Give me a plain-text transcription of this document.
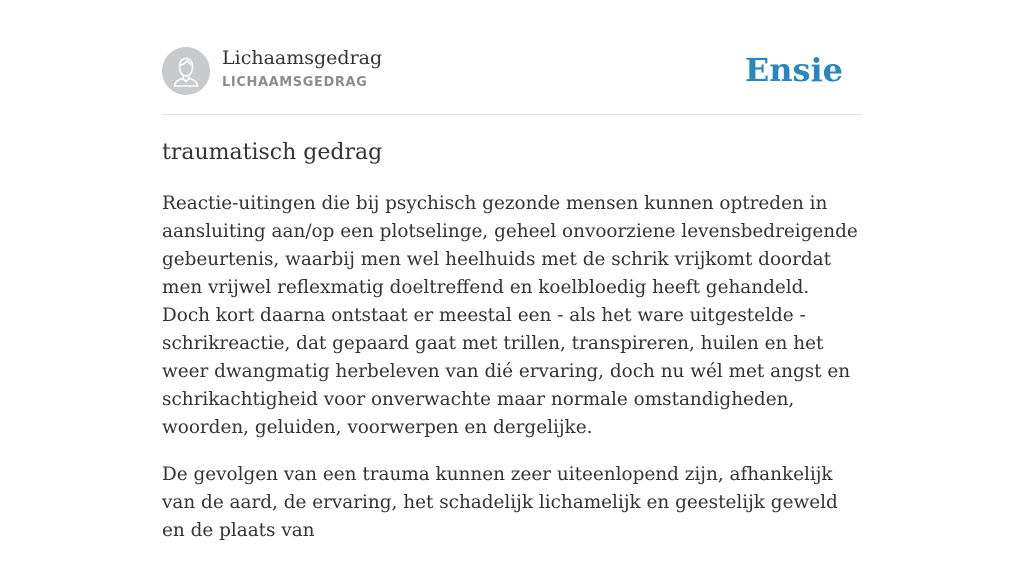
Lichaamsgedrag
LICHAAMSGEDRAG	Ensie
traumatisch gedrag

Reactie-uitingen die bij psychisch gezonde mensen kunnen optreden in aansluiting aan/op een plotselinge, geheel onvoorziene levensbedreigende gebeurtenis, waarbij men wel heelhuids met de schrik vrijkomt doordat men vrijwel reflexmatig doeltreffend en koelbloedig heeft gehandeld. Doch kort daarna ontstaat er meestal een - als het ware uitgestelde - schrikreactie, dat gepaard gaat met trillen, transpireren, huilen en het weer dwangmatig herbeleven van dié ervaring, doch nu wél met angst en schrikachtigheid voor onverwachte maar normale omstandigheden, woorden, geluiden, voorwerpen en dergelijke.

De gevolgen van een trauma kunnen zeer uiteenlopend zijn, afhankelijk van de aard, de ervaring, het schadelijk lichamelijk en geestelijk geweld en de plaats van
